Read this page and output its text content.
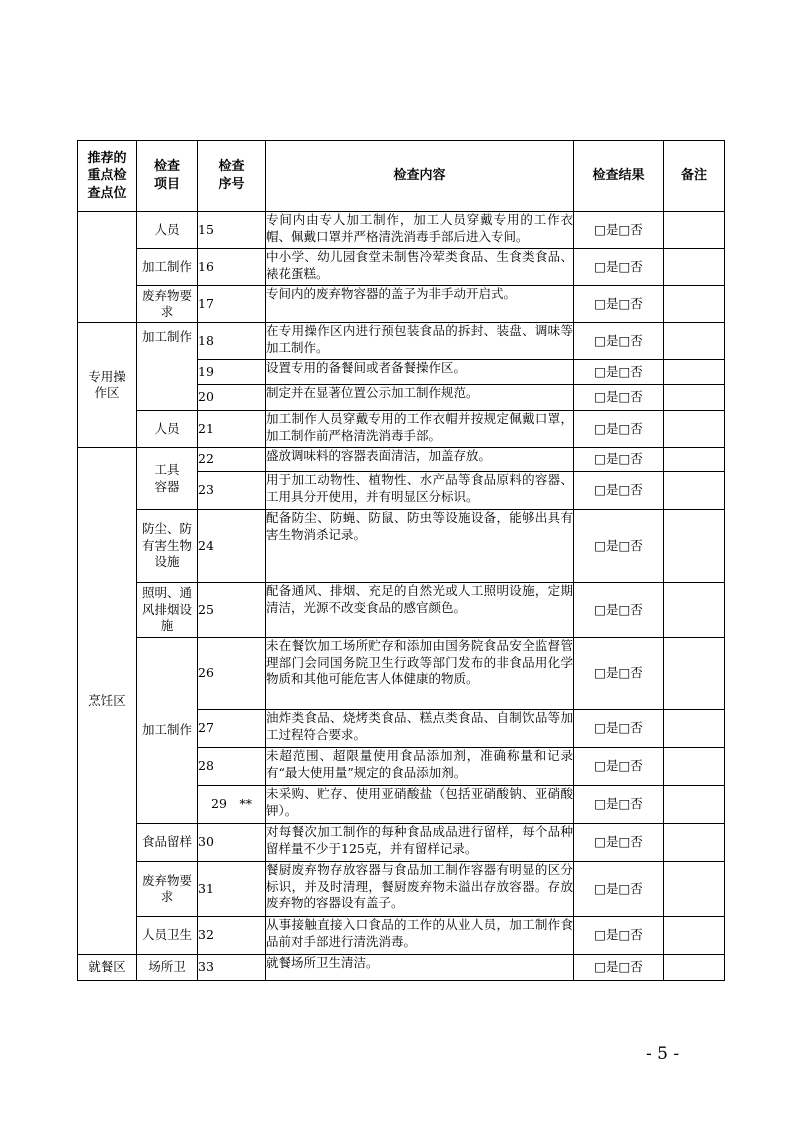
推荐的重点检查点位	检查项目	检查序号	检查内容	检查结果	备注
	人员	15	专间内由专人加工制作，加工人员穿戴专用的工作衣帽、佩戴口罩并严格清洗消毒手部后进入专间。	□是□否	
	加工制作	16	中小学、幼儿园食堂未制售冷荤类食品、生食类食品、裱花蛋糕。	□是□否	
	废弃物要求	17	专间内的废弃物容器的盖子为非手动开启式。	□是□否	
专用操作区	加工制作	18	在专用操作区内进行预包装食品的拆封、装盘、调味等加工制作。	□是□否	
		19	设置专用的备餐间或者备餐操作区。	□是□否	
		20	制定并在显著位置公示加工制作规范。	□是□否	
	人员	21	加工制作人员穿戴专用的工作衣帽并按规定佩戴口罩，加工制作前严格清洗消毒手部。	□是□否	
烹饪区	工具容器	22	盛放调味料的容器表面清洁，加盖存放。	□是□否	
		23	用于加工动物性、植物性、水产品等食品原料的容器、工用具分开使用，并有明显区分标识。	□是□否	
	防尘、防有害生物设施	24	配备防尘、防蝇、防鼠、防虫等设施设备，能够出具有害生物消杀记录。	□是□否	
	照明、通风排烟设施	25	配备通风、排烟、充足的自然光或人工照明设施，定期清洁，光源不改变食品的感官颜色。	□是□否	
	加工制作	26	未在餐饮加工场所贮存和添加由国务院食品安全监督管理部门会同国务院卫生行政等部门发布的非食品用化学物质和其他可能危害人体健康的物质。	□是□否	
		27	油炸类食品、烧烤类食品、糕点类食品、自制饮品等加工过程符合要求。	□是□否	
		28	未超范围、超限量使用食品添加剂，准确称量和记录有“最大使用量”规定的食品添加剂。	□是□否	
		29　**	未采购、贮存、使用亚硝酸盐（包括亚硝酸钠、亚硝酸钾）。	□是□否	
	食品留样	30	对每餐次加工制作的每种食品成品进行留样，每个品种留样量不少于125克，并有留样记录。	□是□否	
	废弃物要求	31	餐厨废弃物存放容器与食品加工制作容器有明显的区分标识，并及时清理，餐厨废弃物未溢出存放容器。存放废弃物的容器设有盖子。	□是□否	
	人员卫生	32	从事接触直接入口食品的工作的从业人员，加工制作食品前对手部进行清洗消毒。	□是□否	
就餐区	场所卫	33	就餐场所卫生清洁。	□是□否	
- 5 -
